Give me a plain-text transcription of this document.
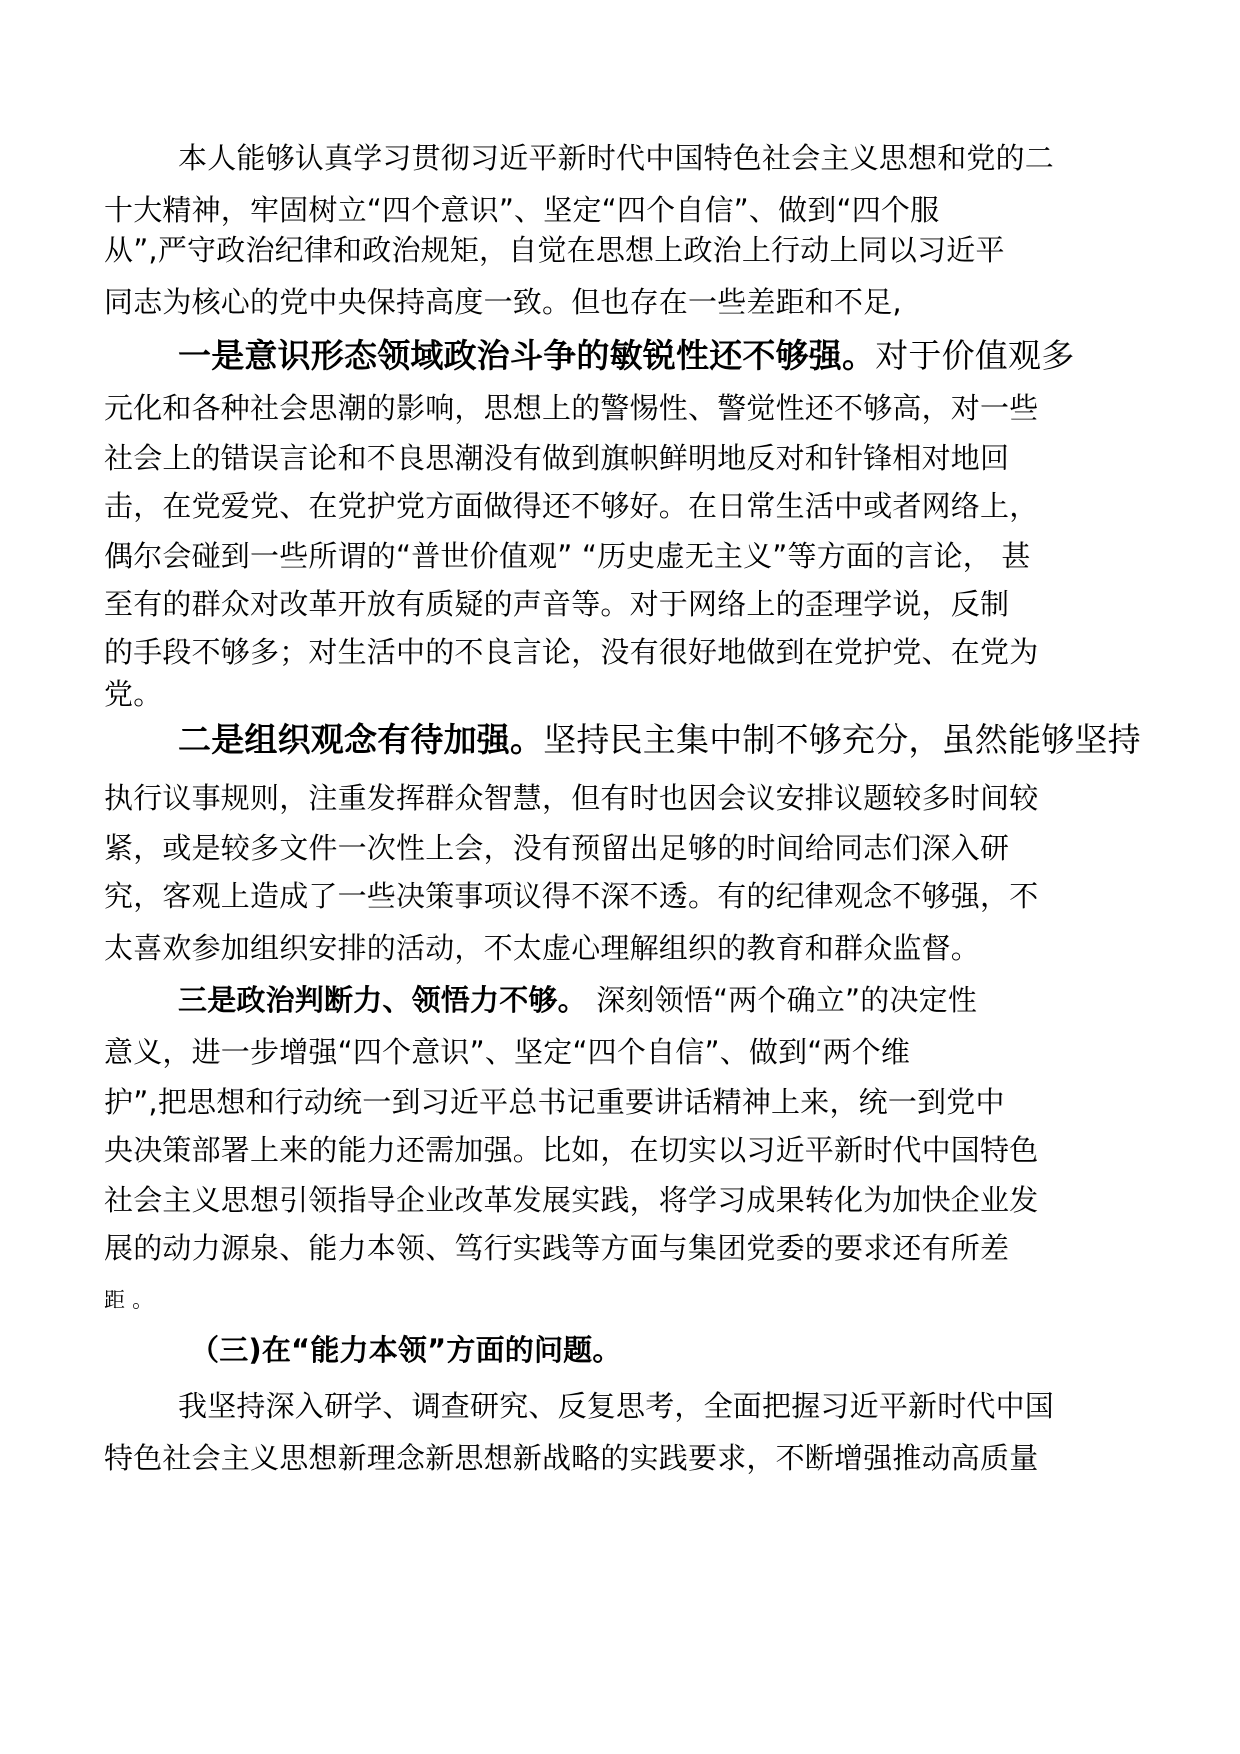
本人能够认真学习贯彻习近平新时代中国特色社会主义思想和党的二

十大精神，牢固树立“四个意识”、坚定“四个自信”、做到“四个服

从”,严守政治纪律和政治规矩，自觉在思想上政治上行动上同以习近平

同志为核心的党中央保持高度一致。但也存在一些差距和不足,

一是意识形态领域政治斗争的敏锐性还不够强。对于价值观多

元化和各种社会思潮的影响，思想上的警惕性、警觉性还不够高，对一些

社会上的错误言论和不良思潮没有做到旗帜鲜明地反对和针锋相对地回

击，在党爱党、在党护党方面做得还不够好。在日常生活中或者网络上，

偶尔会碰到一些所谓的“普世价值观” “历史虚无主义”等方面的言论， 甚

至有的群众对改革开放有质疑的声音等。对于网络上的歪理学说，反制

的手段不够多；对生活中的不良言论，没有很好地做到在党护党、在党为

党。

二是组织观念有待加强。坚持民主集中制不够充分，虽然能够坚持

执行议事规则，注重发挥群众智慧，但有时也因会议安排议题较多时间较

紧，或是较多文件一次性上会，没有预留出足够的时间给同志们深入研

究，客观上造成了一些决策事项议得不深不透。有的纪律观念不够强，不

太喜欢参加组织安排的活动，不太虚心理解组织的教育和群众监督。

三是政治判断力、领悟力不够。 深刻领悟“两个确立”的决定性

意义，进一步增强“四个意识”、坚定“四个自信”、做到“两个维

护”,把思想和行动统一到习近平总书记重要讲话精神上来，统一到党中

央决策部署上来的能力还需加强。比如，在切实以习近平新时代中国特色

社会主义思想引领指导企业改革发展实践，将学习成果转化为加快企业发

展的动力源泉、能力本领、笃行实践等方面与集团党委的要求还有所差

距 。

（三)在“能力本领”方面的问题。

我坚持深入研学、调查研究、反复思考，全面把握习近平新时代中国

特色社会主义思想新理念新思想新战略的实践要求，不断增强推动高质量
